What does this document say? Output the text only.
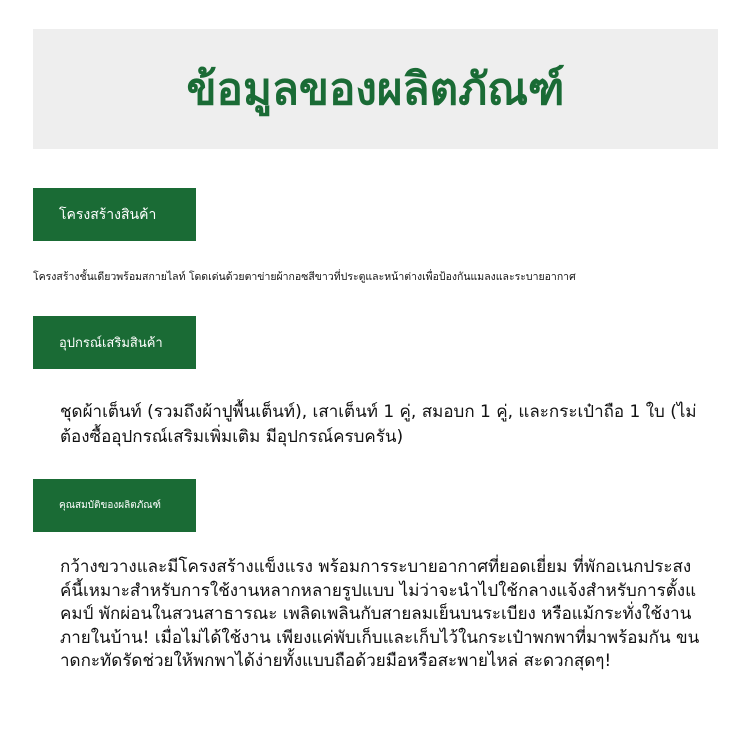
ข้อมูลของผลิตภัณฑ์
โครงสร้างสินค้า
โครงสร้างชั้นเดียวพร้อมสกายไลท์ โดดเด่นด้วยตาข่ายผ้ากอซสีขาวที่ประตูและหน้าต่างเพื่อป้องกันแมลงและระบายอากาศ
อุปกรณ์เสริมสินค้า
ชุดผ้าเต็นท์ (รวมถึงผ้าปูพื้นเต็นท์), เสาเต็นท์ 1 คู่, สมอบก 1 คู่, และกระเป๋าถือ 1 ใบ (ไม่ต้องซื้ออุปกรณ์เสริมเพิ่มเติม มีอุปกรณ์ครบครัน)
คุณสมบัติของผลิตภัณฑ์
กว้างขวางและมีโครงสร้างแข็งแรง พร้อมการระบายอากาศที่ยอดเยี่ยม ที่พักอเนกประสงค์นี้เหมาะสำหรับการใช้งานหลากหลายรูปแบบ ไม่ว่าจะนำไปใช้กลางแจ้งสำหรับการตั้งแคมป์ พักผ่อนในสวนสาธารณะ เพลิดเพลินกับสายลมเย็นบนระเบียง หรือแม้กระทั่งใช้งานภายในบ้าน! เมื่อไม่ได้ใช้งาน เพียงแค่พับเก็บและเก็บไว้ในกระเป๋าพกพาที่มาพร้อมกัน ขนาดกะทัดรัดช่วยให้พกพาได้ง่ายทั้งแบบถือด้วยมือหรือสะพายไหล่ สะดวกสุดๆ!
